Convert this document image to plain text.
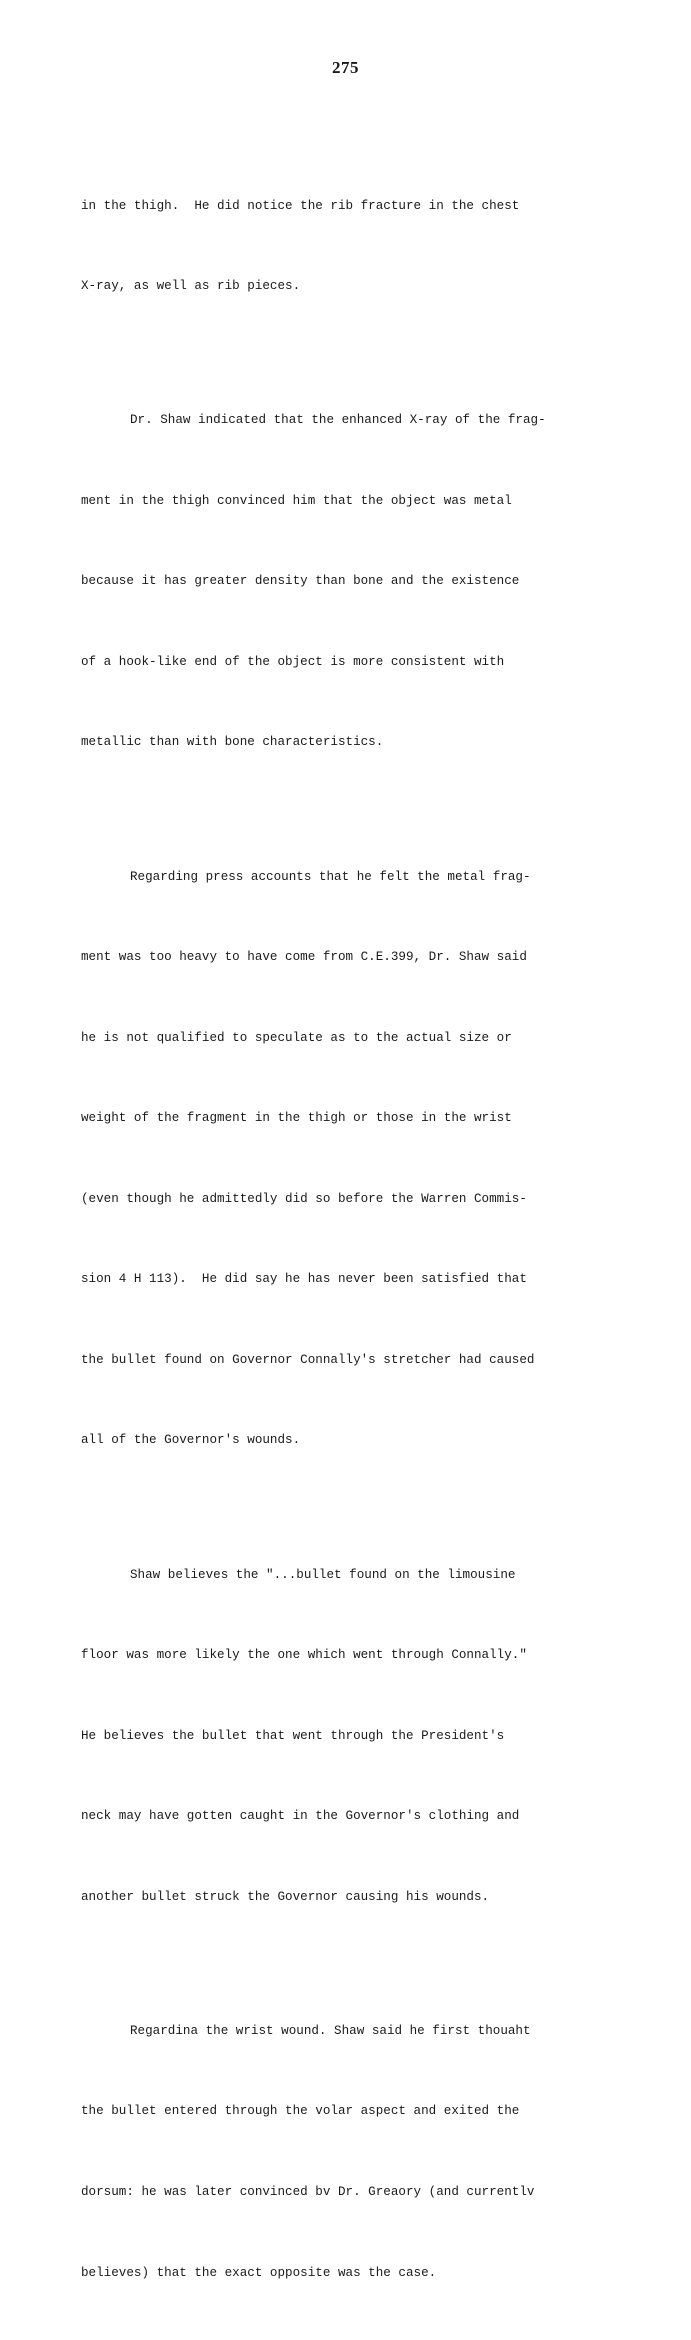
275

in the thigh.  He did notice the rib fracture in the chest

X-ray, as well as rib pieces.

Dr. Shaw indicated that the enhanced X-ray of the frag-

ment in the thigh convinced him that the object was metal

because it has greater density than bone and the existence

of a hook-like end of the object is more consistent with

metallic than with bone characteristics.

Regarding press accounts that he felt the metal frag-

ment was too heavy to have come from C.E.399, Dr. Shaw said

he is not qualified to speculate as to the actual size or

weight of the fragment in the thigh or those in the wrist

(even though he admittedly did so before the Warren Commis-

sion 4 H 113).  He did say he has never been satisfied that

the bullet found on Governor Connally's stretcher had caused

all of the Governor's wounds.

Shaw believes the "...bullet found on the limousine

floor was more likely the one which went through Connally."

He believes the bullet that went through the President's

neck may have gotten caught in the Governor's clothing and

another bullet struck the Governor causing his wounds.

Regardina the wrist wound. Shaw said he first thouaht

the bullet entered through the volar aspect and exited the

dorsum: he was later convinced bv Dr. Greaory (and currentlv

believes) that the exact opposite was the case.
